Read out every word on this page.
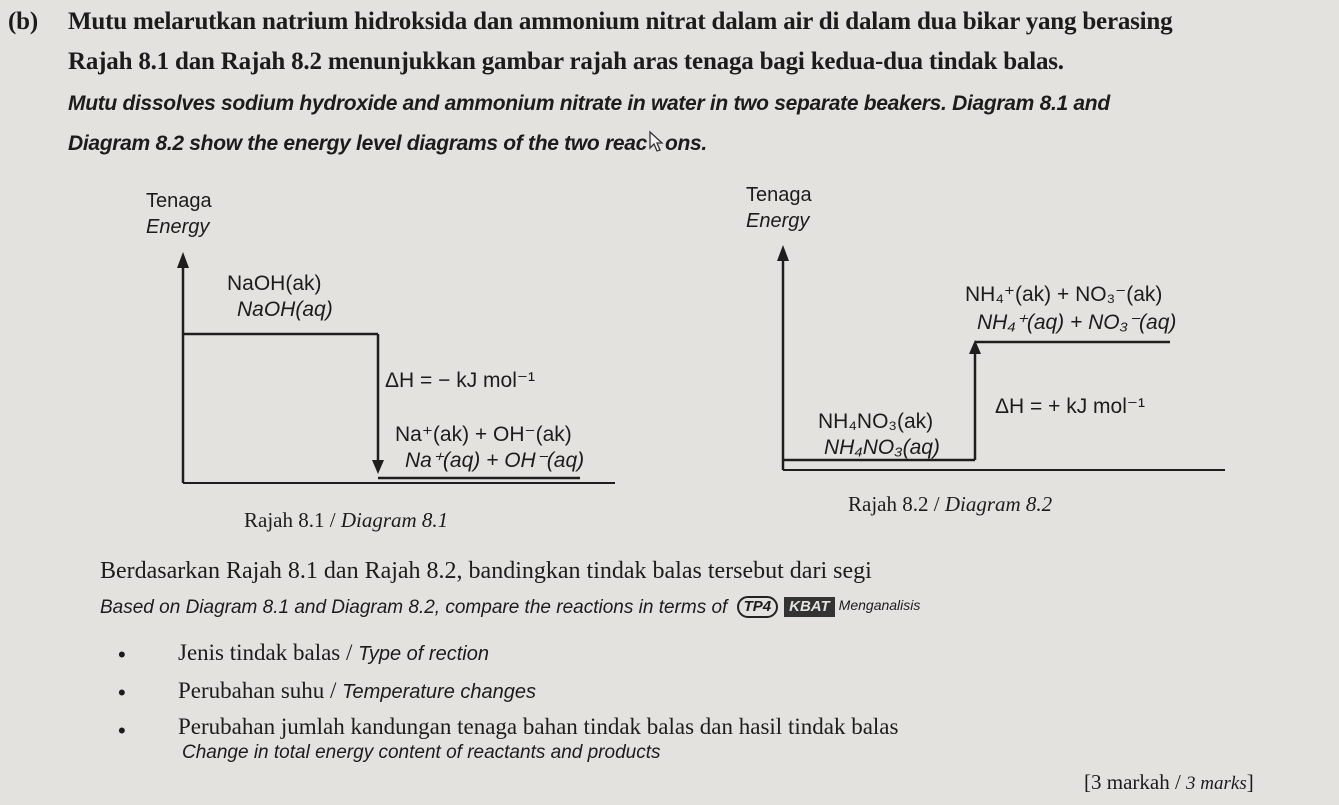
(b) Mutu melarutkan natrium hidroksida dan ammonium nitrat dalam air di dalam dua bikar yang berasing
Rajah 8.1 dan Rajah 8.2 menunjukkan gambar rajah aras tenaga bagi kedua-dua tindak balas.
Mutu dissolves sodium hydroxide and ammonium nitrate in water in two separate beakers. Diagram 8.1 and
Diagram 8.2 show the energy level diagrams of the two reac ons.
Tenaga
Energy
NaOH(ak)
NaOH(aq)
ΔH = − kJ mol⁻¹
Na⁺(ak) + OH⁻(ak)
Na⁺(aq) + OH⁻(aq)
Rajah 8.1 / Diagram 8.1
Tenaga
Energy
NH₄⁺(ak) + NO₃⁻(ak)
NH₄⁺(aq) + NO₃⁻(aq)
ΔH = + kJ mol⁻¹
NH₄NO₃(ak)
NH₄NO₃(aq)
Rajah 8.2 / Diagram 8.2
Berdasarkan Rajah 8.1 dan Rajah 8.2, bandingkan tindak balas tersebut dari segi
Based on Diagram 8.1 and Diagram 8.2, compare the reactions in terms of TP4 KBAT Menganalisis
• Jenis tindak balas / Type of rection
• Perubahan suhu / Temperature changes
• Perubahan jumlah kandungan tenaga bahan tindak balas dan hasil tindak balas
Change in total energy content of reactants and products
[3 markah / 3 marks]
